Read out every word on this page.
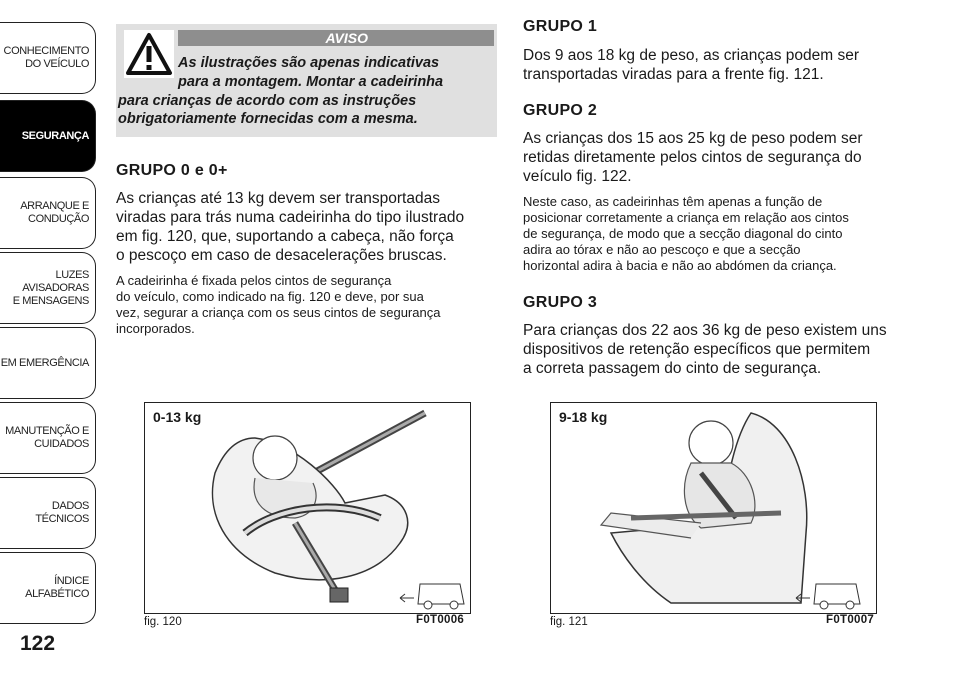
CONHECIMENTO
DO VEÍCULO
SEGURANÇA
ARRANQUE E
CONDUÇÃO
LUZES AVISADORAS
E MENSAGENS
EM EMERGÊNCIA
MANUTENÇÃO E
CUIDADOS
DADOS TÉCNICOS
ÍNDICE ALFABÉTICO
122
AVISO
As ilustrações são apenas indicativas
para a montagem. Montar a cadeirinha
para crianças de acordo com as instruções
obrigatoriamente fornecidas com a mesma.
GRUPO 0 e 0+
As crianças até 13 kg devem ser transportadas
viradas para trás numa cadeirinha do tipo ilustrado
em fig. 120, que, suportando a cabeça, não força
o pescoço em caso de desacelerações bruscas.
A cadeirinha é fixada pelos cintos de segurança
do veículo, como indicado na fig. 120 e deve, por sua
vez, segurar a criança com os seus cintos de segurança
incorporados.
GRUPO 1
Dos 9 aos 18 kg de peso, as crianças podem ser
transportadas viradas para a frente fig. 121.
GRUPO 2
As crianças dos 15 aos 25 kg de peso podem ser
retidas diretamente pelos cintos de segurança do
veículo fig. 122.
Neste caso, as cadeirinhas têm apenas a função de
posicionar corretamente a criança em relação aos cintos
de segurança, de modo que a secção diagonal do cinto
adira ao tórax e não ao pescoço e que a secção
horizontal adira à bacia e não ao abdómen da criança.
GRUPO 3
Para crianças dos 22 aos 36 kg de peso existem uns
dispositivos de retenção específicos que permitem
a correta passagem do cinto de segurança.
0-13 kg
fig. 120	F0T0006
9-18 kg
fig. 121	F0T0007
